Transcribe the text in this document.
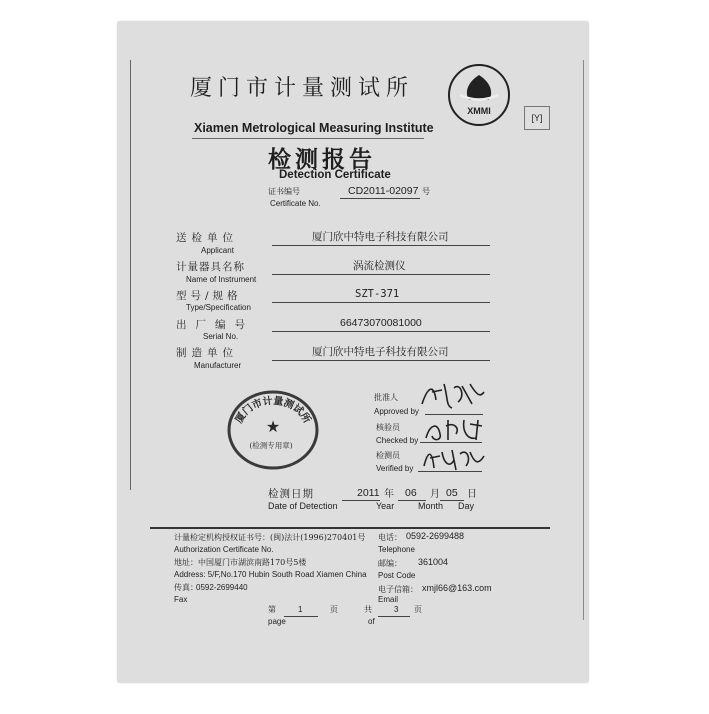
厦门市计量测试所
XMMI
[Y]
Xiamen Metrological Measuring Institute
检测报告
Detection Certificate
证书编号	CD2011-02097 号
Certificate No.
送检单位	厦门欣中特电子科技有限公司
Applicant
计量器具名称	涡流检测仪
Name of Instrument
型号/规格	SZT-371
Type/Specification
出厂编号	66473070081000
Serial No.
制造单位	厦门欣中特电子科技有限公司
Manufacturer
厦门市计量测试所
★
(检测专用章)
批准人
Approved by
核验员
Checked by
检测员
Verified by
检测日期	2011 年 06 月 05 日
Date of Detection	Year	Month Day
计量检定机构授权证书号：(闽)法计(1996)270401号
Authorization Certificate No.
地址：中国厦门市湖滨南路170号5楼
Address: 5/F,No.170 Hubin South Road Xiamen China
传真：
0592-2699440
Fax
电话： 0592-2699488
Telephone
邮编： 361004
Post Code
电子信箱： xmjl66@163.com
Email
第	1	页	共	3 页
page	of
